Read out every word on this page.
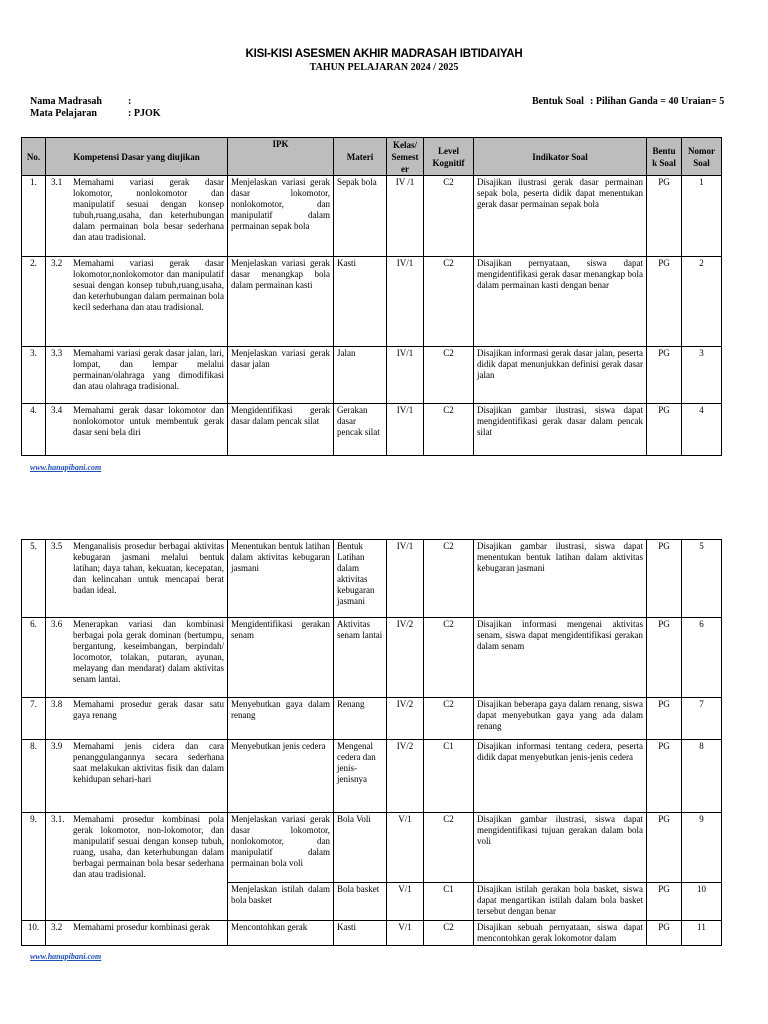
KISI-KISI ASESMEN AKHIR MADRASAH IBTIDAIYAH
TAHUN PELAJARAN 2024 / 2025
Nama Madrasah	:
Mata Pelajaran	: PJOK
Bentuk Soal : Pilihan Ganda = 40 Uraian= 5
No.	Kompetensi Dasar yang diujikan	IPK	Materi	Kelas/ Semest er	Level Kognitif	Indikator Soal	Bentu k Soal	Nomor Soal
1.	3.1 Memahami variasi gerak dasar lokomotor, nonlokomotor dan manipulatif sesuai dengan konsep tubuh,ruang,usaha, dan keterhubungan dalam permainan bola besar sederhana dan atau tradisional.	Menjelaskan variasi gerak dasar lokomotor, nonlokomotor, dan manipulatif dalam permainan sepak bola	Sepak bola	IV /1	C2	Disajikan ilustrasi gerak dasar permainan sepak bola, peserta didik dapat menentukan gerak dasar permainan sepak bola	PG	1
2.	3.2 Memahami variasi gerak dasar lokomotor,nonlokomotor dan manipulatif sesuai dengan konsep tubuh,ruang,usaha, dan keterhubungan dalam permainan bola kecil sederhana dan atau tradisional.	Menjelaskan variasi gerak dasar menangkap bola dalam permainan kasti	Kasti	IV/1	C2	Disajikan pernyataan, siswa dapat mengidentifikasi gerak dasar menangkap bola dalam permainan kasti dengan benar	PG	2
3.	3.3 Memahami variasi gerak dasar jalan, lari, lompat, dan lempar melalui permainan/olahraga yang dimodifikasi dan atau olahraga tradisional.	Menjelaskan variasi gerak dasar jalan	Jalan	IV/1	C2	Disajikan informasi gerak dasar jalan, peserta didik dapat menunjukkan definisi gerak dasar jalan	PG	3
4.	3.4 Memahami gerak dasar lokomotor dan nonlokomotor untuk membentuk gerak dasar seni bela diri	Mengidentifikasi gerak dasar dalam pencak silat	Gerakan dasar pencak silat	IV/1	C2	Disajikan gambar ilustrasi, siswa dapat mengidentifikasi gerak dasar dalam pencak silat	PG	4
www.hanapibani.com
5.	3.5 Menganalisis prosedur berbagai aktivitas kebugaran jasmani melalui bentuk latihan; daya tahan, kekuatan, kecepatan, dan kelincahan untuk mencapai berat badan ideal.	Menentukan bentuk latihan dalam aktivitas kebugaran jasmani	Bentuk Latihan dalam aktivitas kebugaran jasmani	IV/1	C2	Disajikan gambar ilustrasi, siswa dapat menentukan bentuk latihan dalam aktivitas kebugaran jasmani	PG	5
6.	3.6 Menerapkan variasi dan kombinasi berbagai pola gerak dominan (bertumpu, bergantung, keseimbangan, berpindah/ locomotor, tolakan, putaran, ayunan, melayang dan mendarat) dalam aktivitas senam lantai.	Mengidentifikasi gerakan senam	Aktivitas senam lantai	IV/2	C2	Disajikan informasi mengenai aktivitas senam, siswa dapat mengidentifikasi gerakan dalam senam	PG	6
7.	3.8 Memahami prosedur gerak dasar satu gaya renang	Menyebutkan gaya dalam renang	Renang	IV/2	C2	Disajikan beberapa gaya dalam renang, siswa dapat menyebutkan gaya yang ada dalam renang	PG	7
8.	3.9 Memahami jenis cidera dan cara penanggulangannya secara sederhana saat melakukan aktivitas fisik dan dalam kehidupan sehari-hari	Menyebutkan jenis cedera	Mengenal cedera dan jenis-jenisnya	IV/2	C1	Disajikan informasi tentang cedera, peserta didik dapat menyebutkan jenis-jenis cedera	PG	8
9.	3.1. Memahami prosedur kombinasi pola gerak lokomotor, non-lokomotor, dan manipulatif sesuai dengan konsep tubuh, ruang, usaha, dan keterhubungan dalam berbagai permainan bola besar sederhana dan atau tradisional.	Menjelaskan variasi gerak dasar lokomotor, nonlokomotor, dan manipulatif dalam permainan bola voli	Bola Voli	V/1	C2	Disajikan gambar ilustrasi, siswa dapat mengidentifikasi tujuan gerakan dalam bola voli	PG	9
		Menjelaskan istilah dalam bola basket	Bola basket	V/1	C1	Disajikan istilah gerakan bola basket, siswa dapat mengartikan istilah dalam bola basket tersebut dengan benar	PG	10
10.	3.2 Memahami prosedur kombinasi gerak	Mencontohkan gerak	Kasti	V/1	C2	Disajikan sebuah pernyataan, siswa dapat mencontohkan gerak lokomotor dalam	PG	11
www.hanapibani.com
